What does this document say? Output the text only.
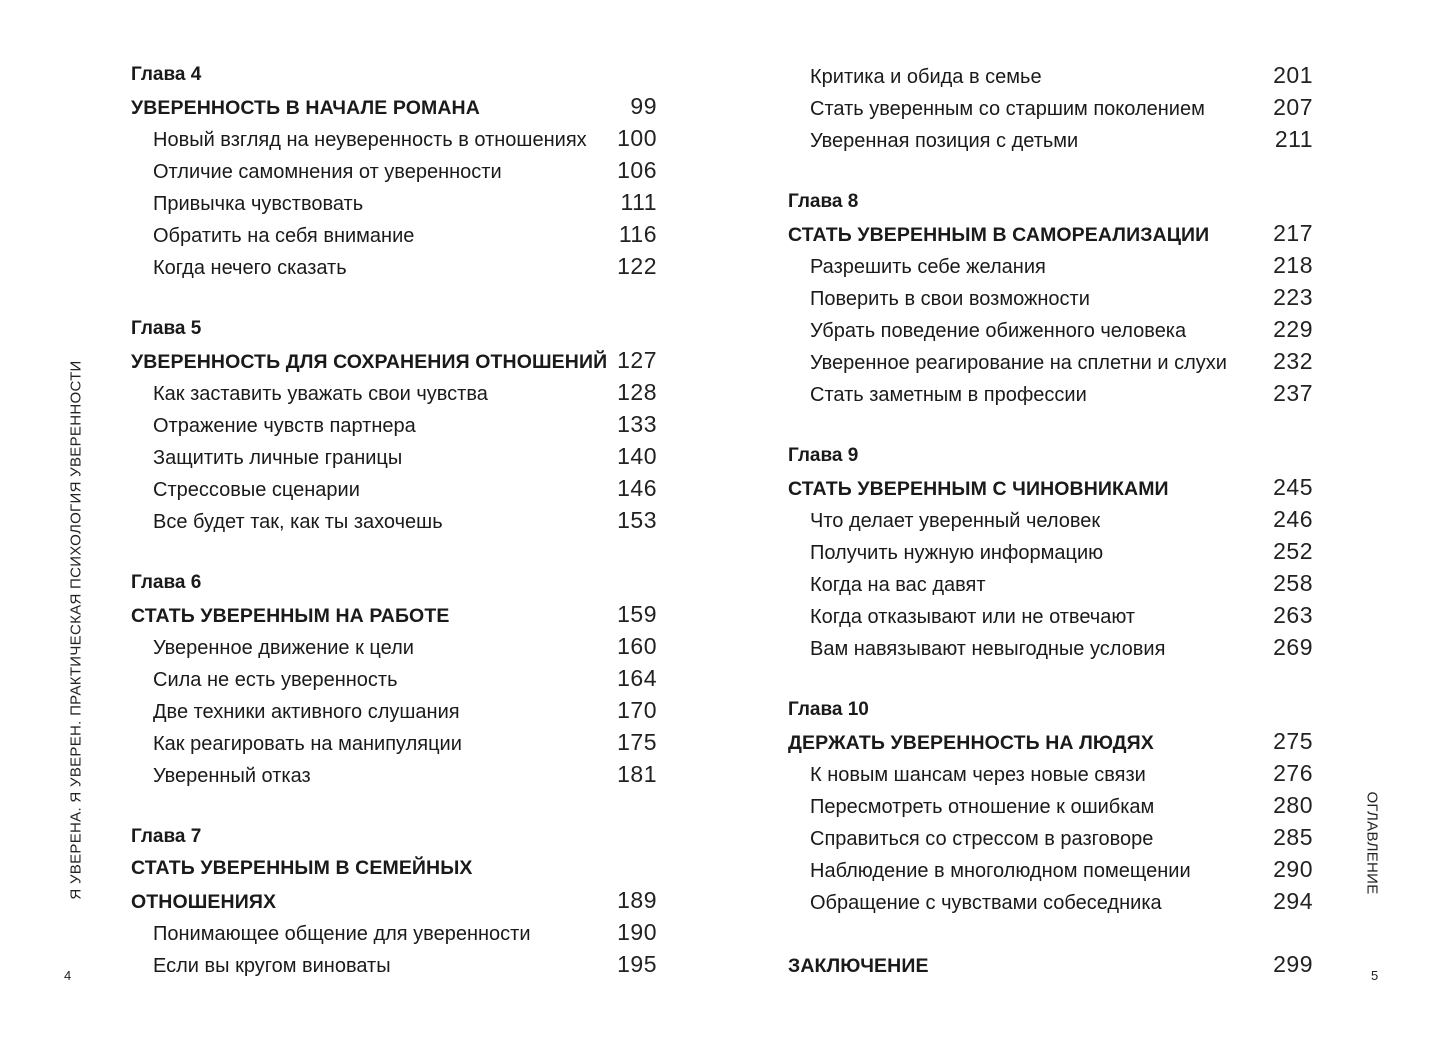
Я УВЕРЕНА. Я УВЕРЕН. ПРАКТИЧЕСКАЯ ПСИХОЛОГИЯ УВЕРЕННОСТИ
4
Глава 4
УВЕРЕННОСТЬ В НАЧАЛЕ РОМАНА	99
Новый взгляд на неуверенность в отношениях 100
Отличие самомнения от уверенности	106
Привычка чувствовать	111
Обратить на себя внимание	116
Когда нечего сказать	122
Глава 5
УВЕРЕННОСТЬ ДЛЯ СОХРАНЕНИЯ ОТНОШЕНИЙ 127
Как заставить уважать свои чувства	128
Отражение чувств партнера	133
Защитить личные границы	140
Стрессовые сценарии	146
Все будет так, как ты захочешь	153
Глава 6
СТАТЬ УВЕРЕННЫМ НА РАБОТЕ	159
Уверенное движение к цели	160
Сила не есть уверенность	164
Две техники активного слушания	170
Как реагировать на манипуляции	175
Уверенный отказ	181
Глава 7
СТАТЬ УВЕРЕННЫМ В СЕМЕЙНЫХ
ОТНОШЕНИЯХ	189
Понимающее общение для уверенности	190
Если вы кругом виноваты	195
ОГЛАВЛЕНИЕ
5
Критика и обида в семье	201
Стать уверенным со старшим поколением	207
Уверенная позиция с детьми	211
Глава 8
СТАТЬ УВЕРЕННЫМ В САМОРЕАЛИЗАЦИИ	217
Разрешить себе желания	218
Поверить в свои возможности	223
Убрать поведение обиженного человека	229
Уверенное реагирование на сплетни и слухи 232
Стать заметным в профессии	237
Глава 9
СТАТЬ УВЕРЕННЫМ С ЧИНОВНИКАМИ	245
Что делает уверенный человек	246
Получить нужную информацию	252
Когда на вас давят	258
Когда отказывают или не отвечают	263
Вам навязывают невыгодные условия	269
Глава 10
ДЕРЖАТЬ УВЕРЕННОСТЬ НА ЛЮДЯХ	275
К новым шансам через новые связи	276
Пересмотреть отношение к ошибкам	280
Справиться со стрессом в разговоре	285
Наблюдение в многолюдном помещении	290
Обращение с чувствами собеседника	294
ЗАКЛЮЧЕНИЕ	299
